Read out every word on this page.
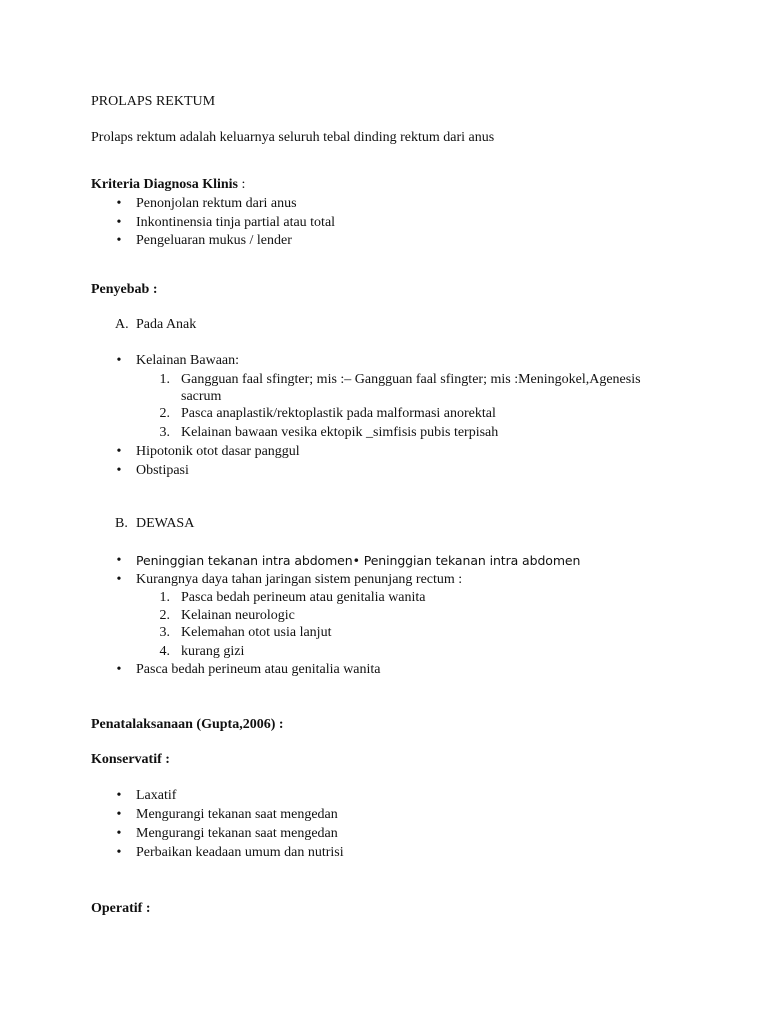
PROLAPS REKTUM
Prolaps rektum adalah keluarnya seluruh tebal dinding rektum dari anus
Kriteria Diagnosa Klinis :
•	Penonjolan rektum dari anus
•	Inkontinensia tinja partial atau total
•	Pengeluaran mukus / lender
Penyebab :
A. Pada Anak
•	Kelainan Bawaan:
1. Gangguan faal sfingter; mis :– Gangguan faal sfingter; mis :Meningokel,Agenesis
sacrum
2. Pasca anaplastik/rektoplastik pada malformasi anorektal
3. Kelainan bawaan vesika ektopik _simfisis pubis terpisah
•	Hipotonik otot dasar panggul
•	Obstipasi
B. DEWASA
•	Peninggian tekanan intra abdomen• Peninggian tekanan intra abdomen
•	Kurangnya daya tahan jaringan sistem penunjang rectum :
1. Pasca bedah perineum atau genitalia wanita
2. Kelainan neurologic
3. Kelemahan otot usia lanjut
4. kurang gizi
•	Pasca bedah perineum atau genitalia wanita
Penatalaksanaan (Gupta,2006) :
Konservatif :
•	Laxatif
•	Mengurangi tekanan saat mengedan
•	Mengurangi tekanan saat mengedan
•	Perbaikan keadaan umum dan nutrisi
Operatif :
